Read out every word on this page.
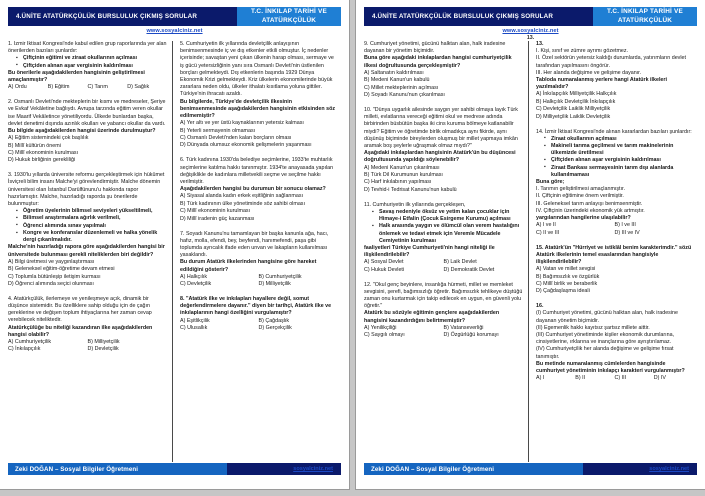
4.ÜNİTE ATATÜRKÇÜLÜK BURSLULUK ÇIKMIŞ SORULAR
T.C. İNKILAP TARİHİ VE
ATATÜRKÇÜLÜK
www.sosyalciniz.net

1. İzmir İktisat Kongresi'nde kabul edilen grup raporlarında yer alan önerilerden bazıları şunlardır:

▪ Çiftçinin eğitimi ve ziraat okullarının açılması
▪ Çiftçiden alınan aşar vergisinin kaldırılması

Bu önerilerle aşağıdakilerden hangisinin geliştirilmesi amaçlanmıştır?

A) Ordu	B) Eğitim	C) Tarım	D) Sağlık

2. Osmanlı Devleti'nde mekteplerin bir kısmı ve medreseler, Şeriye ve Evkaf Vekâletine bağlıydı. Avrupa tarzında eğitim veren okullar ise Maarif Vekâletince yönetiliyordu. Ülkede bunlardan başka, devlet denetimi dışında azınlık okulları ve yabancı okullar da vardı.

Bu bilgide aşağıdakilerden hangisi üzerinde durulmuştur?

A) Eğitim sistemindeki çok başlılık
B) Millî kültürün önemi
C) Millî ekonominin kurulması
D) Hukuk birliğinin gerekliliği

3. 1930'lu yıllarda üniversite reformu gerçekleştirmek için hükûmet İsviçreli bilim insanı Malche'yi görevlendirmiştir. Malche dönemin üniversitesi olan İstanbul Darülfünunu'u hakkında rapor hazırlamıştır. Malche, hazırladığı raporda şu önerilerde bulunmuştur:

▪ Öğretim üyelerinin bilimsel seviyeleri yükseltilmeli,
▪ Bilimsel araştırmalara ağırlık verilmeli,
▪ Öğrenci alımında sınav yapılmalı
▪ Kongre ve konferanslar düzenlemeli ve halka yönelik dergi çıkarılmalıdır.

Malche'nin hazırladığı rapora göre aşağıdakilerden hangisi bir üniversitede bulunması gerekli niteliklerden biri değildir?

A) Bilgi üretmesi ve yaygınlaştırması
B) Geleneksel eğitim-öğretime devam etmesi
C) Toplumla bütünleşip iletişim kurması
D) Öğrenci alımında seçici olunması

4. Atatürkçülük, ilerlemeye ve yenileşmeye açık, dinamik bir düşünce sistemidir. Bu özelliklere sahip olduğu için de çağın gereklerine ve değişen toplum ihtiyaçlarına her zaman cevap verebilecek niteliktedir.

Atatürkçülüğe bu niteliği kazandıran ilke aşağıdakilerden hangisi olabilir?

A) Cumhuriyetçilik	B) Milliyetçilik
C) İnkılapçılık	D) Devletçilik

5. Cumhuriyetin ilk yıllarında devletçilik anlayışının benimsenmesinde iç ve dış etkenler etkili olmuştur. İç nedenler içerisinde; savaştan yeni çıkan ülkenin harap olması, sermaye ve iş gücü yetersizliğinin yanı sıra Osmanlı Devleti'nin üstlenilen borçları gelmekteydi. Dış etkenlerin başında 1929 Dünya Ekonomik Krizi gelmekteydi. Kriz ülkelerin ekonomilerinde büyük zararlara neden oldu, ülkeler ithalatı kısıtlama yoluna gittiler. Türkiye'nin ihracatı azaldı.

Bu bilgilerde, Türkiye'de devletçilik ilkesinin benimsenmesinde aşağıdakilerden hangisinin etkisinden söz edilmemiştir?

A) Yer altı ve yer üstü kaynaklarının yetersiz kalması
B) Yeterli sermayenin olmaması
C) Osmanlı Devleti'nden kalan borçların olması
D) Dünyada olumsuz ekonomik gelişmelerin yaşanması

6. Türk kadınına 1930'da belediye seçimlerine, 1933'te muhtarlık seçimlerine katılma hakkı tanınmıştır. 1934'te anayasada yapılan değişiklikle de kadınlara milletvekili seçme ve seçilme hakkı verilmiştir.

Aşağıdakilerden hangisi bu durumun bir sonucu olamaz?

A) Siyasal alanda kadın erkek eşitliğinin sağlanması
B) Türk kadınının ülke yönetiminde söz sahibi olması
C) Millî ekonominin kurulması
D) Millî iradenin güç kazanması

7. Soyadı Kanunu'nu tamamlayan bir başka kanunla ağa, hacı, hafız, molla, efendi, bey, beyfendi, hanımefendi, paşa gibi toplumda ayrıcalık ifade eden unvan ve lakapların kullanılması yasaklandı.

Bu durum Atatürk ilkelerinden hangisine göre hareket edildiğini gösterir?

A) Halkçılık	B) Cumhuriyetçilik
C) Devletçilik	D) Milliyetçilik

8. "Atatürk ilke ve inkılapları hayallere değil, somut değerlendirmelere dayanır." diyen bir tarihçi, Atatürk ilke ve inkılaplarının hangi özelliğini vurgulamıştır?

A) Eşitlikçilik	B) Çağdaşlık
C) Ulusallık	D) Gerçekçilik
Zeki DOĞAN – Sosyal Bilgiler Öğretmeni	sosyalciniz.net
4.ÜNİTE ATATÜRKÇÜLÜK BURSLULUK ÇIKMIŞ SORULAR
T.C. İNKILAP TARİHİ VE
ATATÜRKÇÜLÜK
www.sosyalciniz.net
13.

9. Cumhuriyet yönetimi, gücünü halktan alan, halk iradesine dayanan bir yönetim biçimidir.

Buna göre aşağıdaki inkılaplardan hangisi cumhuriyetçilik ilkesi doğrultusunda gerçekleşmiştir?

A) Saltanatın kaldırılması
B) Medeni Kanun'un kabulü
C) Millet mekteplerinin açılması
D) Soyadı Kanunu'nun çıkarılması

10. "Dünya uygarlık ailesinde saygın yer sahibi olmaya layık Türk milleti, evlatlarına vereceği eğitimi okul ve medrese adında birbirinden büsbütün başka iki cins kuruma bölmeye katlanabilir miydi? Eğitim ve öğretimde birlik olmadıkça aynı fikirde, aynı düşünüş biçiminde bireylerden oluşmuş bir millet yapmaya imkân aramak boş şeylerle uğraşmak olmaz mıydı?"

Aşağıdaki inkılaplardan hangisinin Atatürk'ün bu düşüncesi doğrultusunda yapıldığı söylenebilir?

A) Medeni Kanun'un çıkarılması
B) Türk Dil Kurumunun kurulması
C) Harf inkılabının yapılması
D) Tevhid-i Tedrisat Kanunu'nun kabulü

11. Cumhuriyetin ilk yıllarında gerçekleşen,

▪ Savaş nedeniyle öksüz ve yetim kalan çocuklar için Himaye-i Etfalin (Çocuk Esirgeme Kurumu) açılması
▪ Halk arasında yaygın ve ölümcül olan verem hastalığını önlemek ve tedavi etmek için Veremle Mücadele Cemiyetinin kurulması

faaliyetleri Türkiye Cumhuriyeti'nin hangi niteliği ile ilişkilendirilebilir?

A) Sosyal Devlet	B) Laik Devlet
C) Hukuk Devleti	D) Demokratik Devlet

12. "Okul genç beyinlere, insanlığa hürmeti, millet ve memleket sevgisini, şerefi, bağımsızlığı öğretir. Bağımsızlık tehlikeye düştüğü zaman onu kurtarmak için takip edilecek en uygun, en güvenli yolu öğretir."

Atatürk bu sözüyle eğitimin gençlere aşağıdakilerden hangisini kazandırdığını belirtmemiştir?

A) Yenilikçiliği	B) Vatanseverliği
C) Saygılı olmayı	D) Özgürlüğü korumayı

13.

I. Kişi, sınıf ve zümre ayrımı gözetmez.

II. Özel sektörün yetersiz kaldığı durumlarda, yatırımların devlet tarafından yapılmasını öngörür.

III. Her alanda değişime ve gelişime dayanır.

Tabloda numaralanmış yerlere hangi Atatürk ilkeleri yazılmalıdır?

A) İnkılapçılık Milliyetçilik Halkçılık
B) Halkçılık Devletçilik İnkılapçılık
C) Devletçilik Laiklik Milliyetçilik
D) Milliyetçilik Laiklik Devletçilik

14. İzmir İktisat Kongresi'nde alınan kararlardan bazıları şunlardır:

▪ Ziraat okullarının açılması
▪ Makineli tarıma geçilmesi ve tarım makinelerinin ülkemizde üretilmesi
▪ Çiftçiden alınan aşar vergisinin kaldırılması
▪ Ziraat Bankası sermayesinin tarım dışı alanlarda kullanılmaması

Buna göre;

I. Tarımın geliştirilmesi amaçlanmıştır.

II. Çiftçinin eğitimine önem verilmiştir.

III. Geleneksel tarım anlayışı benimsenmiştir.

IV. Çiftçinin üzerindeki ekonomik yük artmıştır.

yargılarından hangilerine ulaşılabilir?

A) I ve II	B) I ve III
C) II ve III	D) III ve IV

15. Atatürk'ün "Hürriyet ve istiklâl benim karakterimdir." sözü Atatürk ilkelerinin temel esaslarından hangisiyle ilişkilendirilebilir?

A) Vatan ve millet sevgisi
B) Bağımsızlık ve özgürlük
C) Millî birlik ve beraberlik
D) Çağdaşlaşma ideali

16.

(I) Cumhuriyet yönetimi, gücünü halktan alan, halk iradesine dayanan yönetim biçimidir.

(II) Egemenlik hakkı kayıtsız şartsız millete aittir.

(III) Cumhuriyet yönetiminde kişiler ekonomik durumlarına, cinsiyetlerine, ırklarına ve inançlarına göre ayrıştırılamaz.

(IV) Cumhuriyetçilik her alanda değişime ve gelişime fırsat tanımıştır.

Bu metinde numaralanmış cümlelerden hangisinde cumhuriyet yönetiminin inkılapçı karakteri vurgulanmıştır?

A) I	B) II	C) III	D) IV
Zeki DOĞAN – Sosyal Bilgiler Öğretmeni	sosyalciniz.net
